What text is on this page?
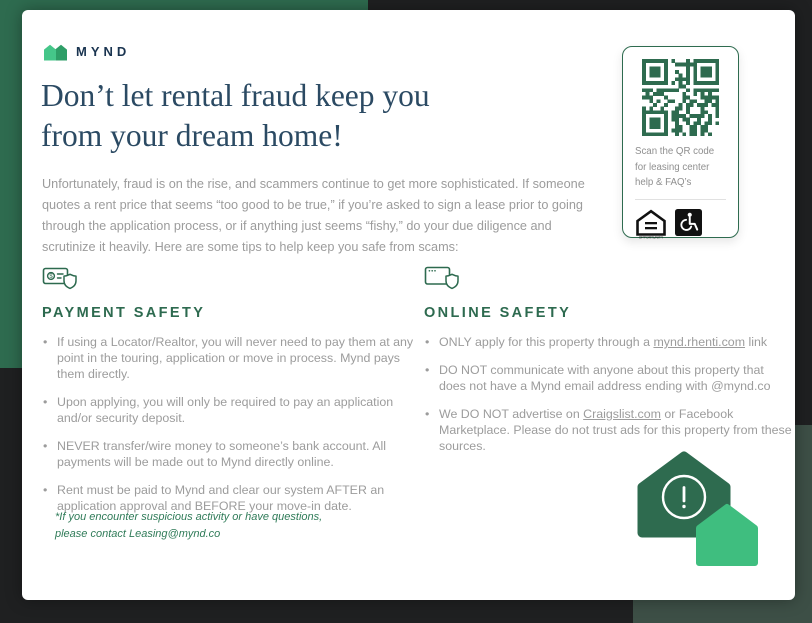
MYND
Don’t let rental fraud keep you
from your dream home!

Unfortunately, fraud is on the rise, and scammers continue to get more sophisticated. If someone quotes a rent price that seems “too good to be true,” if you’re asked to sign a lease prior to going through the application process, or if anything just seems “fishy,” do your due diligence and scrutinize it heavily. Here are some tips to help keep you safe from scams:

Scan the QR code for leasing center help & FAQ’s

OPPORTUNITY
$
PAYMENT SAFETY
• If using a Locator/Realtor, you will never need to pay them at any point in the touring, application or move in process. Mynd pays them directly.
• Upon applying, you will only be required to pay an application and/or security deposit.
• NEVER transfer/wire money to someone’s bank account. All payments will be made out to Mynd directly online.
• Rent must be paid to Mynd and clear our system AFTER an application approval and BEFORE your move-in date.
ONLINE SAFETY
• ONLY apply for this property through a mynd.rhenti.com link
• DO NOT communicate with anyone about this property that does not have a Mynd email address ending with @mynd.co
• We DO NOT advertise on Craigslist.com or Facebook Marketplace. Please do not trust ads for this property from these sources.

*If you encounter suspicious activity or have questions,
please contact Leasing@mynd.co
